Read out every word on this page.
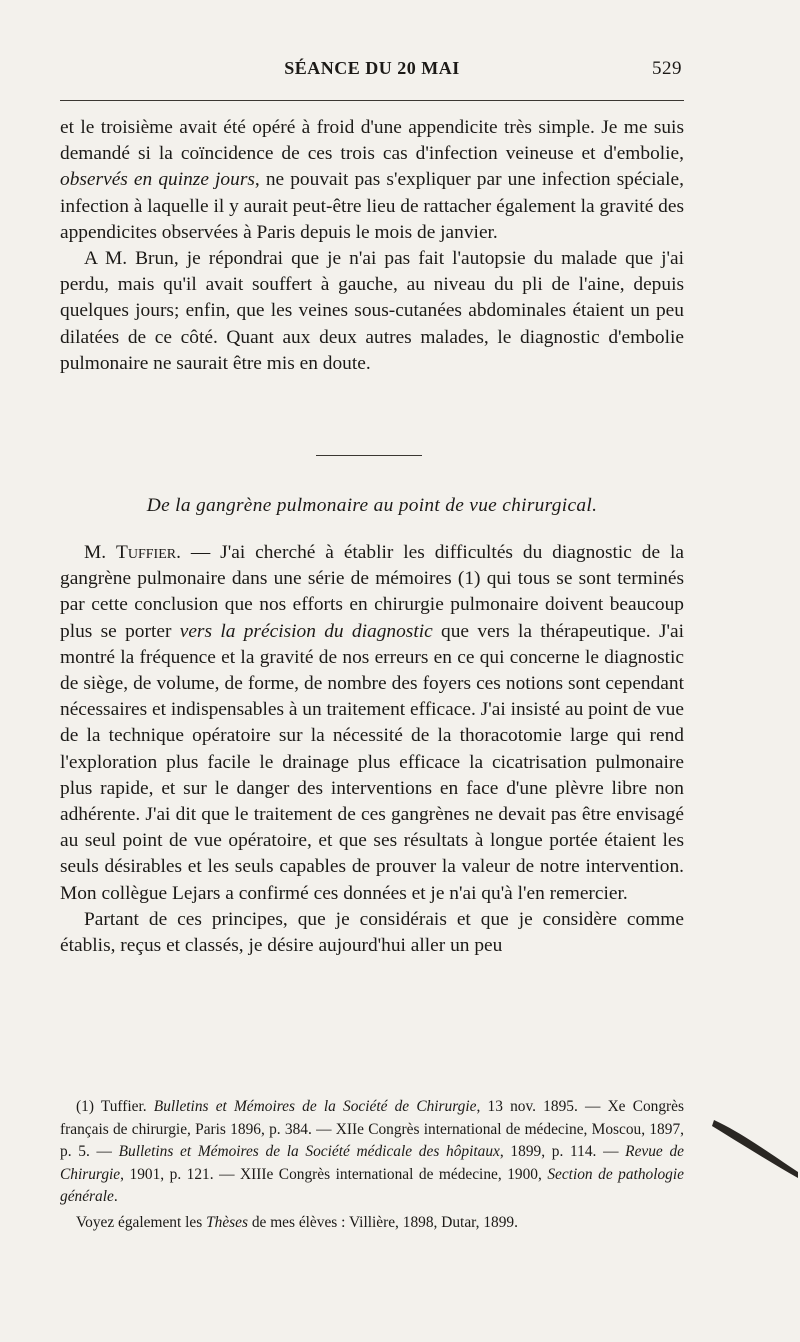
SÉANCE DU 20 MAI	529

et le troisième avait été opéré à froid d'une appendicite très simple. Je me suis demandé si la coïncidence de ces trois cas d'infection veineuse et d'embolie, observés en quinze jours, ne pouvait pas s'expliquer par une infection spéciale, infection à laquelle il y aurait peut-être lieu de rattacher également la gravité des appendicites observées à Paris depuis le mois de janvier.

A M. Brun, je répondrai que je n'ai pas fait l'autopsie du malade que j'ai perdu, mais qu'il avait souffert à gauche, au niveau du pli de l'aine, depuis quelques jours; enfin, que les veines sous-cutanées abdominales étaient un peu dilatées de ce côté. Quant aux deux autres malades, le diagnostic d'embolie pulmonaire ne saurait être mis en doute.

De la gangrène pulmonaire au point de vue chirurgical.

M. Tuffier. — J'ai cherché à établir les difficultés du diagnostic de la gangrène pulmonaire dans une série de mémoires (1) qui tous se sont terminés par cette conclusion que nos efforts en chirurgie pulmonaire doivent beaucoup plus se porter vers la précision du diagnostic que vers la thérapeutique. J'ai montré la fréquence et la gravité de nos erreurs en ce qui concerne le diagnostic de siège, de volume, de forme, de nombre des foyers ces notions sont cependant nécessaires et indispensables à un traitement efficace. J'ai insisté au point de vue de la technique opératoire sur la nécessité de la thoracotomie large qui rend l'exploration plus facile le drainage plus efficace la cicatrisation pulmonaire plus rapide, et sur le danger des interventions en face d'une plèvre libre non adhérente. J'ai dit que le traitement de ces gangrènes ne devait pas être envisagé au seul point de vue opératoire, et que ses résultats à longue portée étaient les seuls désirables et les seuls capables de prouver la valeur de notre intervention. Mon collègue Lejars a confirmé ces données et je n'ai qu'à l'en remercier.

Partant de ces principes, que je considérais et que je considère comme établis, reçus et classés, je désire aujourd'hui aller un peu

(1) Tuffier. Bulletins et Mémoires de la Société de Chirurgie, 13 nov. 1895. — Xe Congrès français de chirurgie, Paris 1896, p. 384. — XIIe Congrès international de médecine, Moscou, 1897, p. 5. — Bulletins et Mémoires de la Société médicale des hôpitaux, 1899, p. 114. — Revue de Chirurgie, 1901, p. 121. — XIIIe Congrès international de médecine, 1900, Section de pathologie générale.

Voyez également les Thèses de mes élèves : Villière, 1898, Dutar, 1899.
